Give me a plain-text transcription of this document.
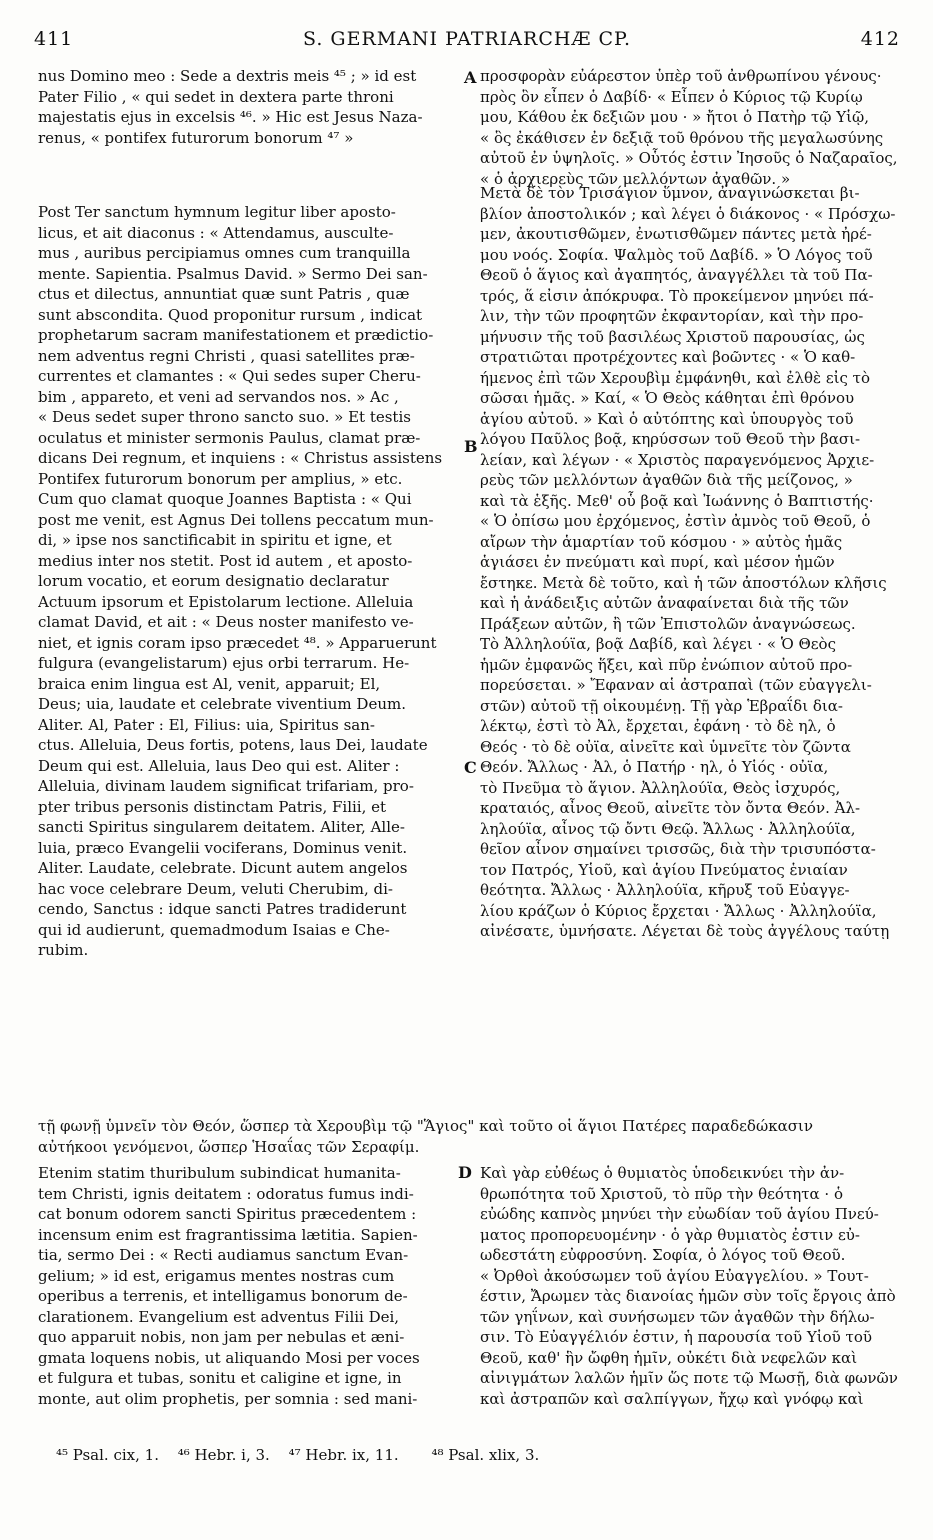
411	S. GERMANI PATRIARCHÆ CP.	412
nus Domino meo : Sede a dextris meis ⁴⁵ ; » id est
Pater Filio , « qui sedet in dextera parte throni
majestatis ejus in excelsis ⁴⁶. » Hic est Jesus Naza-
renus, « pontifex futurorum bonorum ⁴⁷ »
προσφορὰν εὐάρεστον ὑπὲρ τοῦ ἀνθρωπίνου γένους·
πρὸς ὃν εἶπεν ὁ Δαβίδ· « Εἶπεν ὁ Κύριος τῷ Κυρίῳ
μου, Κάθου ἐκ δεξιῶν μου · » ἤτοι ὁ Πατὴρ τῷ Υἱῷ,
« ὃς ἐκάθισεν ἐν δεξιᾷ τοῦ θρόνου τῆς μεγαλωσύνης
αὐτοῦ ἐν ὑψηλοῖς. » Οὗτός ἐστιν Ἰησοῦς ὁ Ναζαραῖος,
« ὁ ἀρχιερεὺς τῶν μελλόντων ἀγαθῶν. »
Post Ter sanctum hymnum legitur liber aposto-
licus, et ait diaconus : « Attendamus, ausculte-
mus , auribus percipiamus omnes cum tranquilla
mente. Sapientia. Psalmus David. » Sermo Dei san-
ctus et dilectus, annuntiat quæ sunt Patris , quæ
sunt abscondita. Quod proponitur rursum , indicat
prophetarum sacram manifestationem et prædictio-
nem adventus regni Christi , quasi satellites præ-
currentes et clamantes : « Qui sedes super Cheru-
bim , appareto, et veni ad servandos nos. » Ac ,
« Deus sedet super throno sancto suo. » Et testis
oculatus et minister sermonis Paulus, clamat præ-
dicans Dei regnum, et inquiens : « Christus assistens
Pontifex futurorum bonorum per amplius, » etc.
Cum quo clamat quoque Joannes Baptista : « Qui
post me venit, est Agnus Dei tollens peccatum mun-
di, » ipse nos sanctificabit in spiritu et igne, et
medius inter nos stetit. Post id autem , et aposto-
lorum vocatio, et eorum designatio declaratur
Actuum ipsorum et Epistolarum lectione. Alleluia
clamat David, et ait : « Deus noster manifesto ve-
niet, et ignis coram ipso præcedet ⁴⁸. » Apparuerunt
fulgura (evangelistarum) ejus orbi terrarum. He-
braica enim lingua est Al, venit, apparuit; El,
Deus; uia, laudate et celebrate viventium Deum.
Aliter. Al, Pater : El, Filius: uia, Spiritus san-
ctus. Alleluia, Deus fortis, potens, laus Dei, laudate
Deum qui est. Alleluia, laus Deo qui est. Aliter :
Alleluia, divinam laudem significat trifariam, pro-
pter tribus personis distinctam Patris, Filii, et
sancti Spiritus singularem deitatem. Aliter, Alle-
luia, præco Evangelii vociferans, Dominus venit.
Aliter. Laudate, celebrate. Dicunt autem angelos
hac voce celebrare Deum, veluti Cherubim, di-
cendo, Sanctus : idque sancti Patres tradiderunt
qui id audierunt, quemadmodum Isaias e Che-
rubim.
Μετὰ δὲ τὸν Τρισάγιον ὕμνον, ἀναγινώσκεται βι-
βλίον ἀποστολικόν ; καὶ λέγει ὁ διάκονος · « Πρόσχω-
μεν, ἀκουτισθῶμεν, ἐνωτισθῶμεν πάντες μετὰ ἠρέ-
μου νοός. Σοφία. Ψαλμὸς τοῦ Δαβίδ. » Ὁ Λόγος τοῦ
Θεοῦ ὁ ἅγιος καὶ ἀγαπητός, ἀναγγέλλει τὰ τοῦ Πα-
τρός, ἅ εἰσιν ἀπόκρυφα. Τὸ προκείμενον μηνύει πά-
λιν, τὴν τῶν προφητῶν ἐκφαντορίαν, καὶ τὴν προ-
μήνυσιν τῆς τοῦ βασιλέως Χριστοῦ παρουσίας, ὡς
στρατιῶται προτρέχοντες καὶ βοῶντες · « Ὁ καθ-
ήμενος ἐπὶ τῶν Χερουβὶμ ἐμφάνηθι, καὶ ἐλθὲ εἰς τὸ
σῶσαι ἡμᾶς. » Καί, « Ὁ Θεὸς κάθηται ἐπὶ θρόνου
ἁγίου αὐτοῦ. » Καὶ ὁ αὐτόπτης καὶ ὑπουργὸς τοῦ
λόγου Παῦλος βοᾷ, κηρύσσων τοῦ Θεοῦ τὴν βασι-
λείαν, καὶ λέγων · « Χριστὸς παραγενόμενος Ἀρχιε-
ρεὺς τῶν μελλόντων ἀγαθῶν διὰ τῆς μείζονος, »
καὶ τὰ ἑξῆς. Μεθ' οὗ βοᾷ καὶ Ἰωάννης ὁ Βαπτιστής·
« Ὁ ὀπίσω μου ἐρχόμενος, ἐστὶν ἀμνὸς τοῦ Θεοῦ, ὁ
αἴρων τὴν ἁμαρτίαν τοῦ κόσμου · » αὐτὸς ἡμᾶς
ἁγιάσει ἐν πνεύματι καὶ πυρί, καὶ μέσον ἡμῶν
ἔστηκε. Μετὰ δὲ τοῦτο, καὶ ἡ τῶν ἀποστόλων κλῆσις
καὶ ἡ ἀνάδειξις αὐτῶν ἀναφαίνεται διὰ τῆς τῶν
Πράξεων αὐτῶν, ἢ τῶν Ἐπιστολῶν ἀναγνώσεως.
Τὸ Ἀλληλούϊα, βοᾷ Δαβίδ, καὶ λέγει · « Ὁ Θεὸς
ἡμῶν ἐμφανῶς ἥξει, καὶ πῦρ ἐνώπιον αὐτοῦ προ-
πορεύσεται. » Ἔφαναν αἱ ἀστραπαὶ (τῶν εὐαγγελι-
στῶν) αὐτοῦ τῇ οἰκουμένῃ. Τῇ γὰρ Ἑβραΐδι δια-
λέκτῳ, ἐστὶ τὸ Ἀλ, ἔρχεται, ἐφάνη · τὸ δὲ ηλ, ὁ
Θεός · τὸ δὲ οὐϊα, αἰνεῖτε καὶ ὑμνεῖτε τὸν ζῶντα
Θεόν. Ἄλλως · Ἀλ, ὁ Πατήρ · ηλ, ὁ Υἱός · οὐϊα,
τὸ Πνεῦμα τὸ ἅγιον. Ἀλληλούϊα, Θεὸς ἰσχυρός,
κραταιός, αἶνος Θεοῦ, αἰνεῖτε τὸν ὄντα Θεόν. Ἀλ-
ληλούϊα, αἶνος τῷ ὄντι Θεῷ. Ἄλλως · Ἀλληλούϊα,
θεῖον αἶνον σημαίνει τρισσῶς, διὰ τὴν τρισυπόστα-
τον Πατρός, Υἱοῦ, καὶ ἁγίου Πνεύματος ἑνιαίαν
θεότητα. Ἄλλως · Ἀλληλούϊα, κῆρυξ τοῦ Εὐαγγε-
λίου κράζων ὁ Κύριος ἔρχεται · Ἄλλως · Ἀλληλούϊα,
αἰνέσατε, ὑμνήσατε. Λέγεται δὲ τοὺς ἀγγέλους ταύτῃ
τῇ φωνῇ ὑμνεῖν τὸν Θεόν, ὥσπερ τὰ Χερουβὶμ τῷ "Ἅγιος" καὶ τοῦτο οἱ ἅγιοι Πατέρες παραδεδώκασιν
αὐτήκοοι γενόμενοι, ὥσπερ Ἡσαΐας τῶν Σεραφίμ.
Etenim statim thuribulum subindicat humanita-
tem Christi, ignis deitatem : odoratus fumus indi-
cat bonum odorem sancti Spiritus præcedentem :
incensum enim est fragrantissima lætitia. Sapien-
tia, sermo Dei : « Recti audiamus sanctum Evan-
gelium; » id est, erigamus mentes nostras cum
operibus a terrenis, et intelligamus bonorum de-
clarationem. Evangelium est adventus Filii Dei,
quo apparuit nobis, non jam per nebulas et æni-
gmata loquens nobis, ut aliquando Mosi per voces
et fulgura et tubas, sonitu et caligine et igne, in
monte, aut olim prophetis, per somnia : sed mani-
Καὶ γὰρ εὐθέως ὁ θυμιατὸς ὑποδεικνύει τὴν ἀν-
θρωπότητα τοῦ Χριστοῦ, τὸ πῦρ τὴν θεότητα · ὁ
εὐώδης καπνὸς μηνύει τὴν εὐωδίαν τοῦ ἁγίου Πνεύ-
ματος προπορευομένην · ὁ γὰρ θυμιατὸς ἐστιν εὐ-
ωδεστάτη εὐφροσύνη. Σοφία, ὁ λόγος τοῦ Θεοῦ.
« Ὀρθοὶ ἀκούσωμεν τοῦ ἁγίου Εὐαγγελίου. » Τουτ-
έστιν, Ἄρωμεν τὰς διανοίας ἡμῶν σὺν τοῖς ἔργοις ἀπὸ
τῶν γηΐνων, καὶ συνήσωμεν τῶν ἀγαθῶν τὴν δήλω-
σιν. Τὸ Εὐαγγέλιόν ἐστιν, ἡ παρουσία τοῦ Υἱοῦ τοῦ
Θεοῦ, καθ' ἣν ὤφθη ἡμῖν, οὐκέτι διὰ νεφελῶν καὶ
αἰνιγμάτων λαλῶν ἡμῖν ὥς ποτε τῷ Μωσῇ, διὰ φωνῶν
καὶ ἀστραπῶν καὶ σαλπίγγων, ἤχῳ καὶ γνόφῳ καὶ
A
B
C
D
⁴⁵ Psal. cix, 1. ⁴⁶ Hebr. i, 3. ⁴⁷ Hebr. ix, 11. ⁴⁸ Psal. xlix, 3.
